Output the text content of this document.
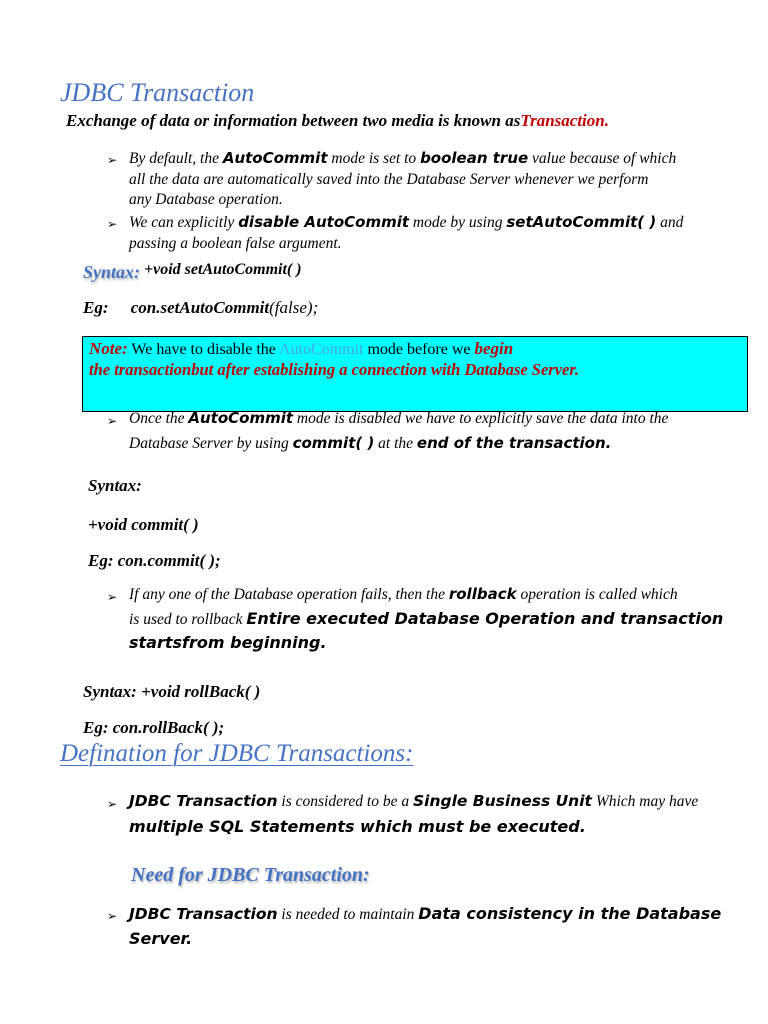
JDBC Transaction
Exchange of data or information between two media is known asTransaction.
➢ By default, the AutoCommit mode is set to boolean true value because of which
all the data are automatically saved into the Database Server whenever we perform
any Database operation.
➢ We can explicitly disable AutoCommit mode by using setAutoCommit( ) and
passing a boolean false argument.
Syntax: +void setAutoCommit( )
Eg: con.setAutoCommit(false);
Note: We have to disable the AutoCommit mode before we begin
the transactionbut after establishing a connection with Database Server.
➢ Once the AutoCommit mode is disabled we have to explicitly save the data into the
Database Server by using commit( ) at the end of the transaction.
Syntax:
+void commit( )
Eg: con.commit( );
➢ If any one of the Database operation fails, then the rollback operation is called which
is used to rollback Entire executed Database Operation and transaction
startsfrom beginning.
Syntax: +void rollBack( )
Eg: con.rollBack( );
Defination for JDBC Transactions:
➢ JDBC Transaction is considered to be a Single Business Unit Which may have
multiple SQL Statements which must be executed.
Need for JDBC Transaction:
➢ JDBC Transaction is needed to maintain Data consistency in the Database
Server.
